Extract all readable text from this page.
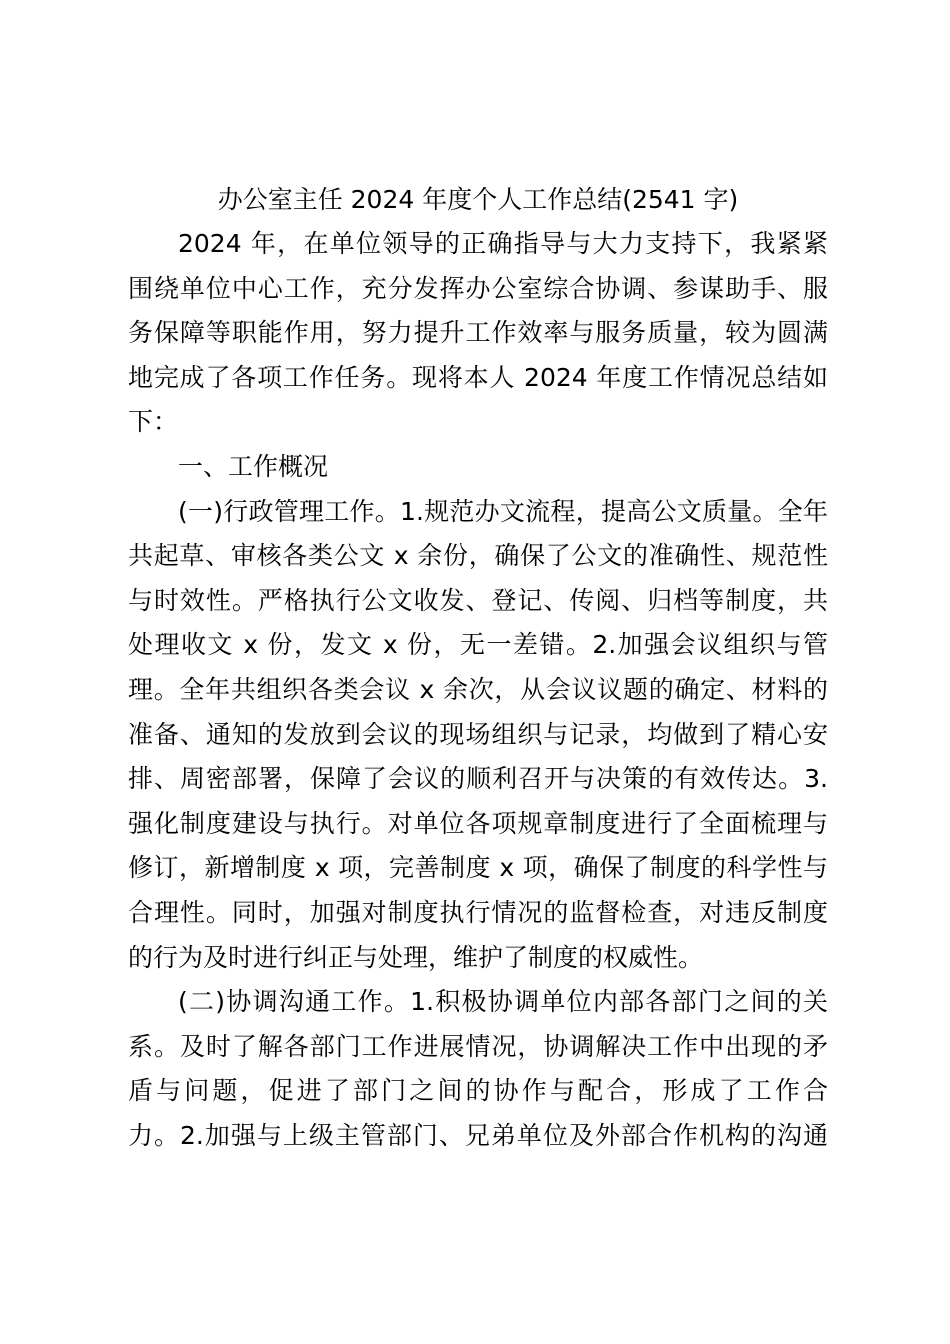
办公室主任 2024 年度个人工作总结(2541 字)

2024 年，在单位领导的正确指导与大力支持下，我紧紧

围绕单位中心工作，充分发挥办公室综合协调、参谋助手、服

务保障等职能作用，努力提升工作效率与服务质量，较为圆满

地完成了各项工作任务。现将本人 2024 年度工作情况总结如

下：

一、工作概况

(一)行政管理工作。1.规范办文流程，提高公文质量。全年

共起草、审核各类公文 x 余份，确保了公文的准确性、规范性

与时效性。严格执行公文收发、登记、传阅、归档等制度，共

处理收文 x 份，发文 x 份，无一差错。2.加强会议组织与管

理。全年共组织各类会议 x 余次，从会议议题的确定、材料的

准备、通知的发放到会议的现场组织与记录，均做到了精心安

排、周密部署，保障了会议的顺利召开与决策的有效传达。3.

强化制度建设与执行。对单位各项规章制度进行了全面梳理与

修订，新增制度 x 项，完善制度 x 项，确保了制度的科学性与

合理性。同时，加强对制度执行情况的监督检查，对违反制度

的行为及时进行纠正与处理，维护了制度的权威性。

(二)协调沟通工作。1.积极协调单位内部各部门之间的关

系。及时了解各部门工作进展情况，协调解决工作中出现的矛

盾与问题，促进了部门之间的协作与配合，形成了工作合

力。2.加强与上级主管部门、兄弟单位及外部合作机构的沟通
